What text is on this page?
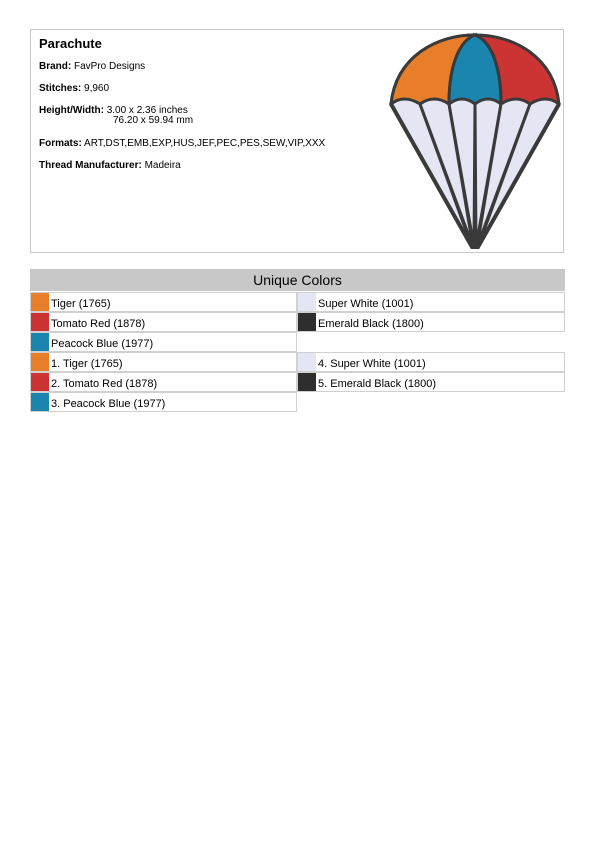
Parachute
Brand: FavPro Designs
Stitches: 9,960
Height/Width: 3.00 x 2.36 inches
76.20 x 59.94 mm
Formats: ART,DST,EMB,EXP,HUS,JEF,PEC,PES,SEW,VIP,XXX
Thread Manufacturer: Madeira
Unique Colors
Tiger (1765)	Super White (1001)
Tomato Red (1878)	Emerald Black (1800)
Peacock Blue (1977)
1. Tiger (1765)	4. Super White (1001)
2. Tomato Red (1878)	5. Emerald Black (1800)
3. Peacock Blue (1977)
